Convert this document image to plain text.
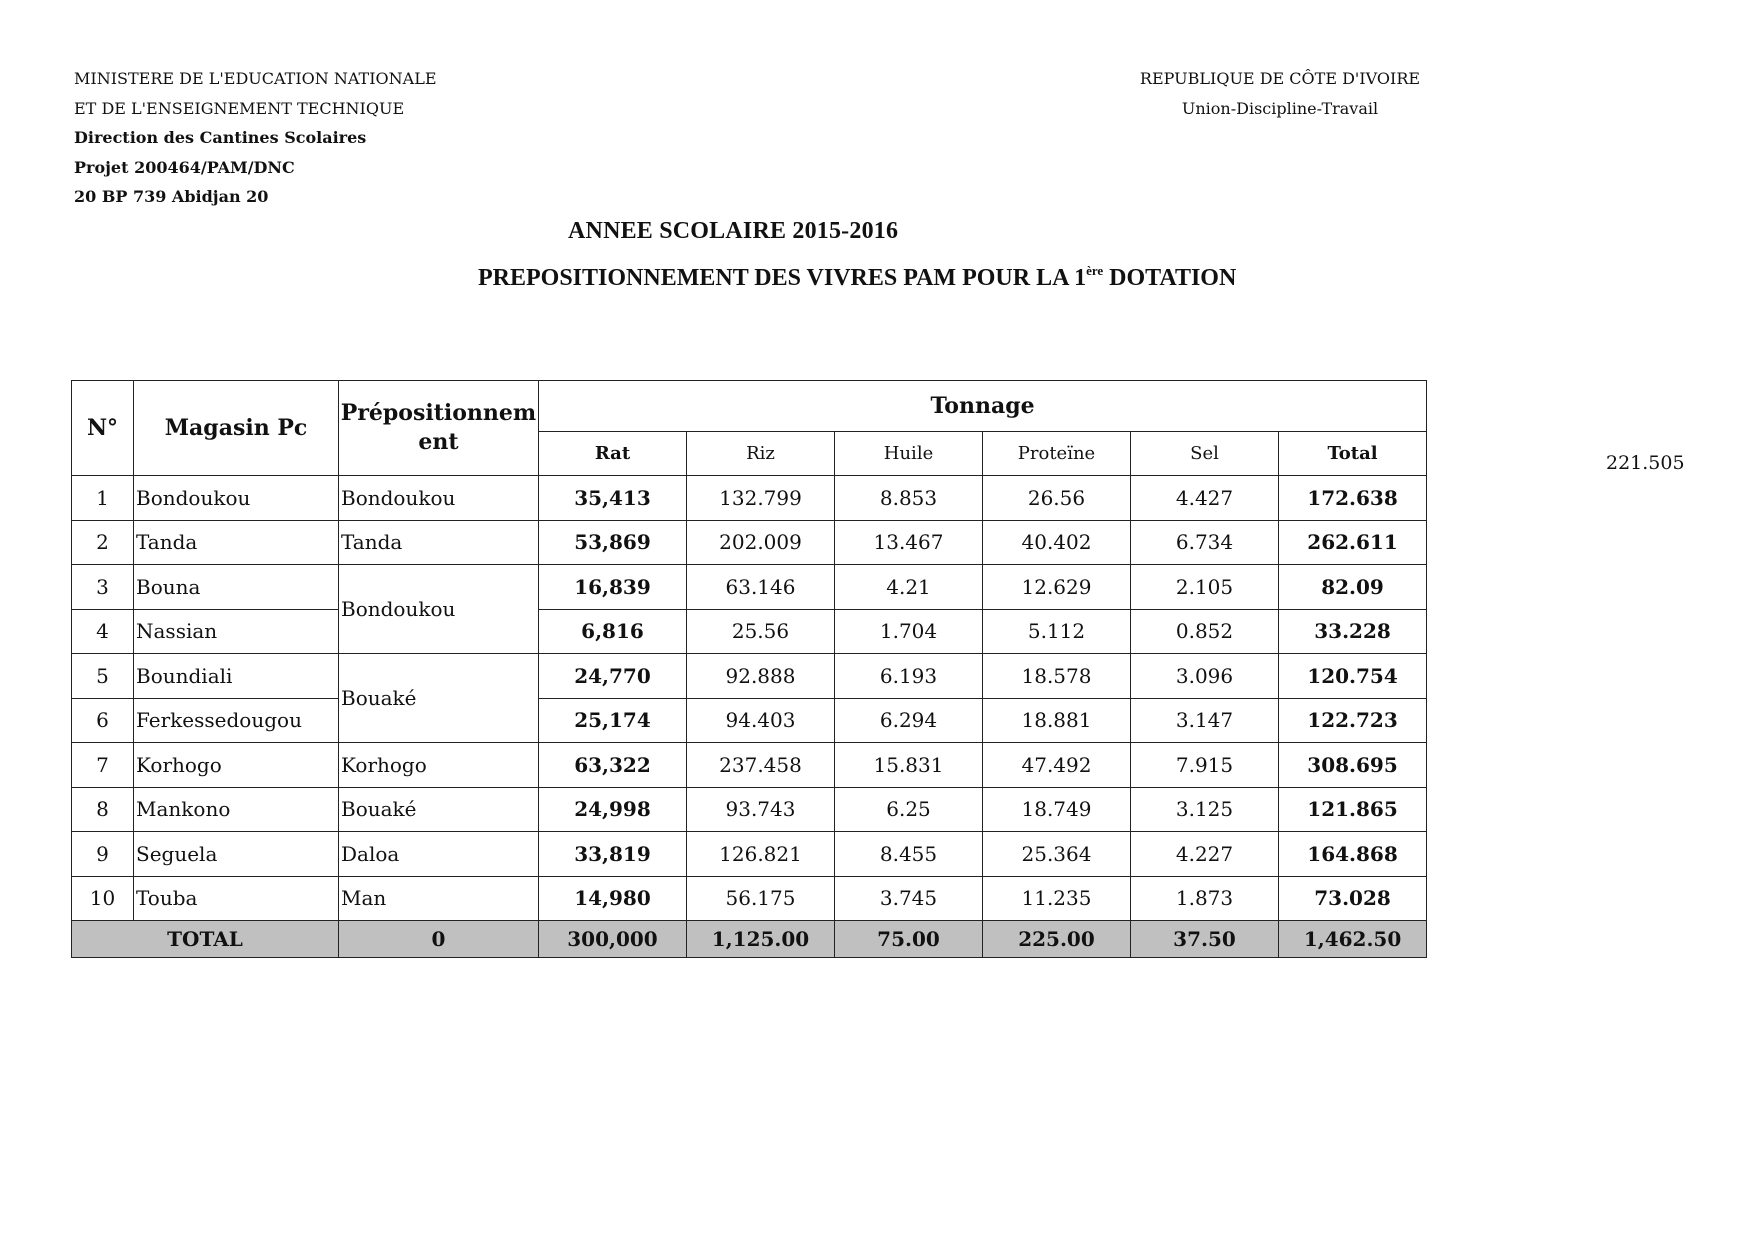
MINISTERE DE L'EDUCATION NATIONALE
ET DE L'ENSEIGNEMENT TECHNIQUE
Direction des Cantines Scolaires
Projet 200464/PAM/DNC
20 BP 739 Abidjan 20
REPUBLIQUE DE CÔTE D'IVOIRE
Union-Discipline-Travail
ANNEE SCOLAIRE 2015-2016
PREPOSITIONNEMENT DES VIVRES PAM POUR LA 1ère DOTATION
221.505
N°	Magasin Pc	Prépositionnement	Tonnage					
			Rat	Riz	Huile	Proteïne	Sel	Total
1	Bondoukou	Bondoukou	35,413	132.799	8.853	26.56	4.427	172.638
2	Tanda	Tanda	53,869	202.009	13.467	40.402	6.734	262.611
3	Bouna	Bondoukou	16,839	63.146	4.21	12.629	2.105	82.09
4	Nassian		6,816	25.56	1.704	5.112	0.852	33.228
5	Boundiali	Bouaké	24,770	92.888	6.193	18.578	3.096	120.754
6	Ferkessedougou		25,174	94.403	6.294	18.881	3.147	122.723
7	Korhogo	Korhogo	63,322	237.458	15.831	47.492	7.915	308.695
8	Mankono	Bouaké	24,998	93.743	6.25	18.749	3.125	121.865
9	Seguela	Daloa	33,819	126.821	8.455	25.364	4.227	164.868
10	Touba	Man	14,980	56.175	3.745	11.235	1.873	73.028
TOTAL		0	300,000	1,125.00	75.00	225.00	37.50	1,462.50
